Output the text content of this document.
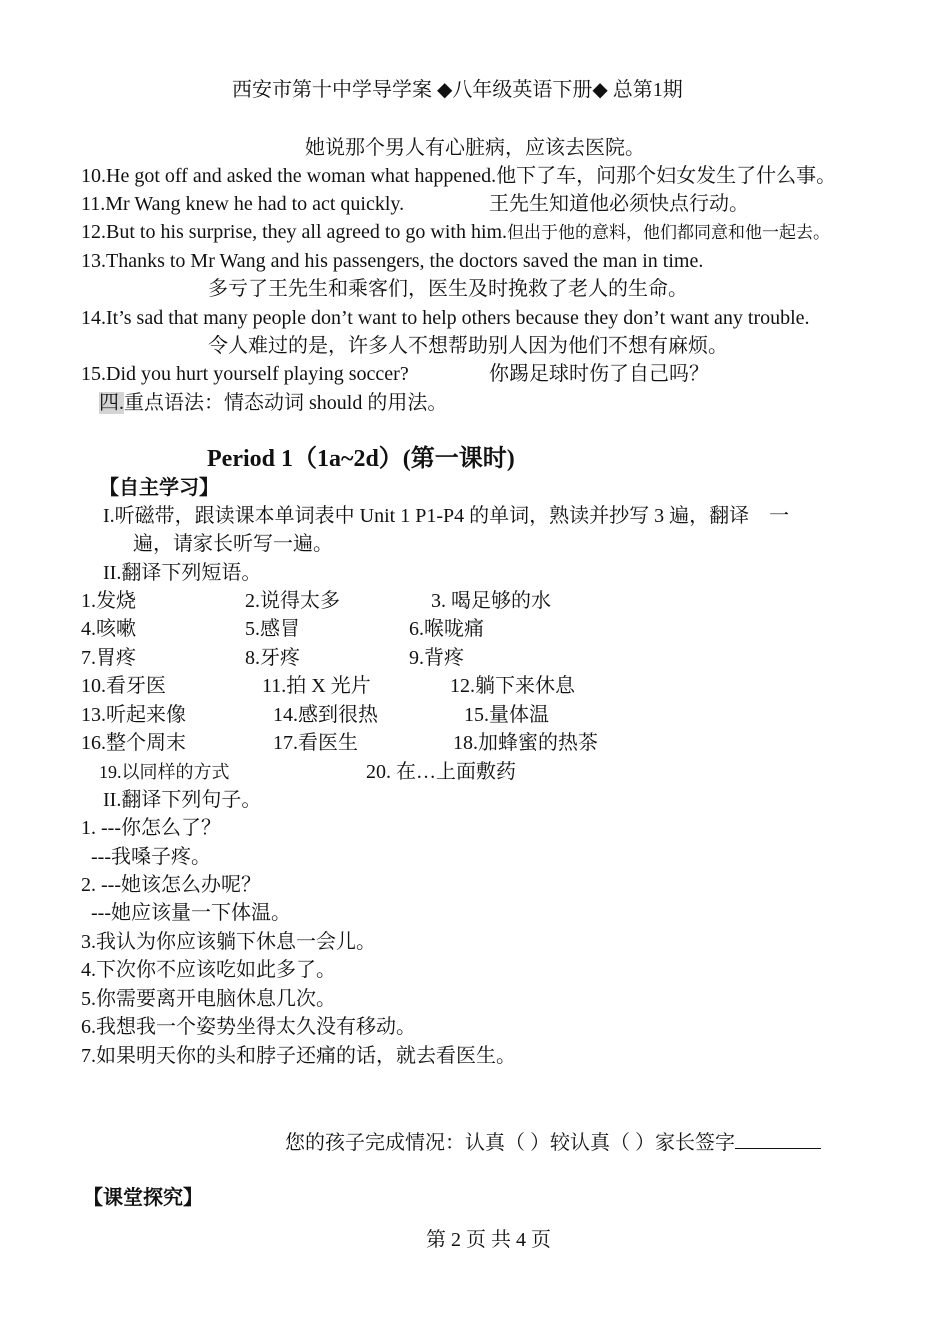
西安市第十中学导学案 ◆八年级英语下册◆ 总第1期
她说那个男人有心脏病，应该去医院。
10.He got off and asked the woman what happened.他下了车，问那个妇女发生了什么事。
11.Mr Wang knew he had to act quickly.	王先生知道他必须快点行动。
12.But to his surprise, they all agreed to go with him.但出于他的意料，他们都同意和他一起去。
13.Thanks to Mr Wang and his passengers, the doctors saved the man in time.
多亏了王先生和乘客们，医生及时挽救了老人的生命。
14.It’s sad that many people don’t want to help others because they don’t want any trouble.
令人难过的是，许多人不想帮助别人因为他们不想有麻烦。
15.Did you hurt yourself playing soccer?	你踢足球时伤了自己吗？
四.重点语法：情态动词 should 的用法。
Period 1（1a~2d）(第一课时)
【自主学习】
I.听磁带，跟读课本单词表中 Unit 1 P1-P4 的单词，熟读并抄写 3 遍，翻译　一
遍，请家长听写一遍。
II.翻译下列短语。
1.发烧	2.说得太多	3. 喝足够的水
4.咳嗽	5.感冒	6.喉咙痛
7.胃疼	8.牙疼	9.背疼
10.看牙医	11.拍 X 光片	12.躺下来休息
13.听起来像	14.感到很热	15.量体温
16.整个周末	17.看医生	18.加蜂蜜的热茶
19.以同样的方式	20. 在…上面敷药
II.翻译下列句子。
1. ---你怎么了？
---我嗓子疼。
2. ---她该怎么办呢？
---她应该量一下体温。
3.我认为你应该躺下休息一会儿。
4.下次你不应该吃如此多了。
5.你需要离开电脑休息几次。
6.我想我一个姿势坐得太久没有移动。
7.如果明天你的头和脖子还痛的话，就去看医生。
您的孩子完成情况：认真（ ）较认真（ ）家长签字
【课堂探究】
第 2 页 共 4 页
